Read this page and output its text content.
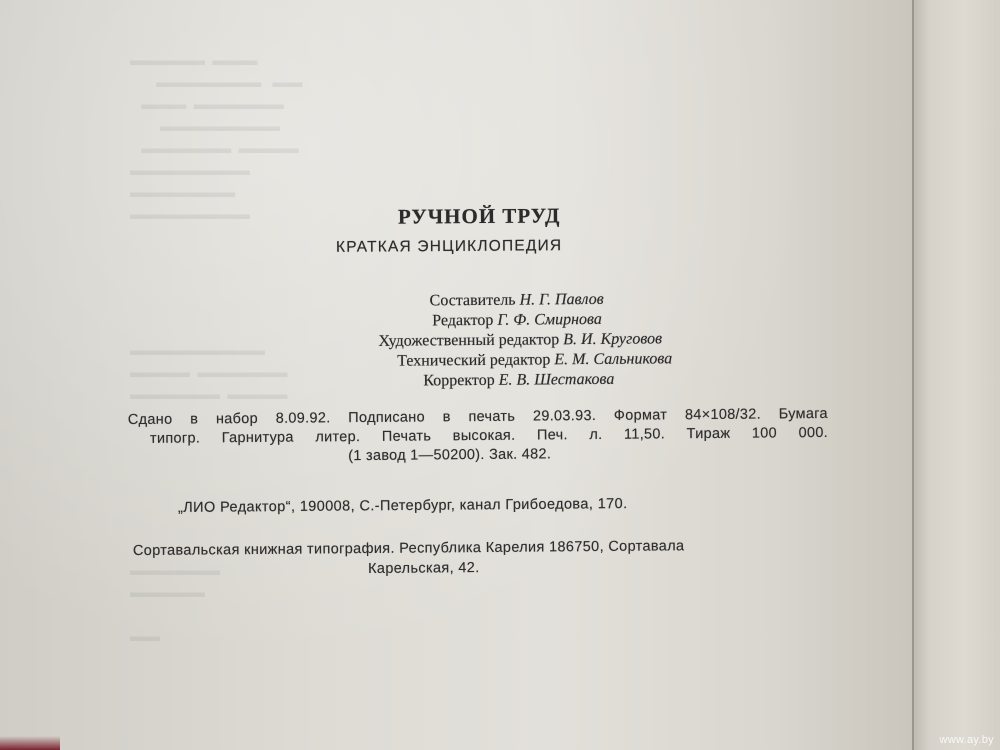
▬▬▬▬▬  ▬▬▬
▬▬▬▬▬▬▬   ▬▬
▬▬▬  ▬▬▬▬▬▬
▬▬▬▬▬▬▬▬
▬▬▬▬▬▬  ▬▬▬▬
▬▬▬▬▬▬▬▬
▬▬▬▬▬▬▬
▬▬▬▬▬▬▬▬
▬▬▬▬▬▬▬▬▬
▬▬▬▬  ▬▬▬▬▬▬
▬▬▬▬▬▬  ▬▬▬▬
▬▬▬▬▬▬
▬▬▬▬▬

▬▬
РУЧНОЙ ТРУД
КРАТКАЯ ЭНЦИКЛОПЕДИЯ
Составитель Н. Г. Павлов
Редактор Г. Ф. Смирнова
Художественный редактор В. И. Круговов
Технический редактор Е. М. Сальникова
Корректор Е. В. Шестакова
Сдано в набор 8.09.92. Подписано в печать 29.03.93. Формат 84×108/32. Бумага
типогр. Гарнитура литер. Печать высокая. Печ. л. 11,50. Тираж 100 000.
(1 завод 1—50200). Зак. 482.
„ЛИО Редактор“, 190008, С.-Петербург, канал Грибоедова, 170.
Сортавальская книжная типография. Республика Карелия 186750, Сортавала
Карельская, 42.
www.ay.by
